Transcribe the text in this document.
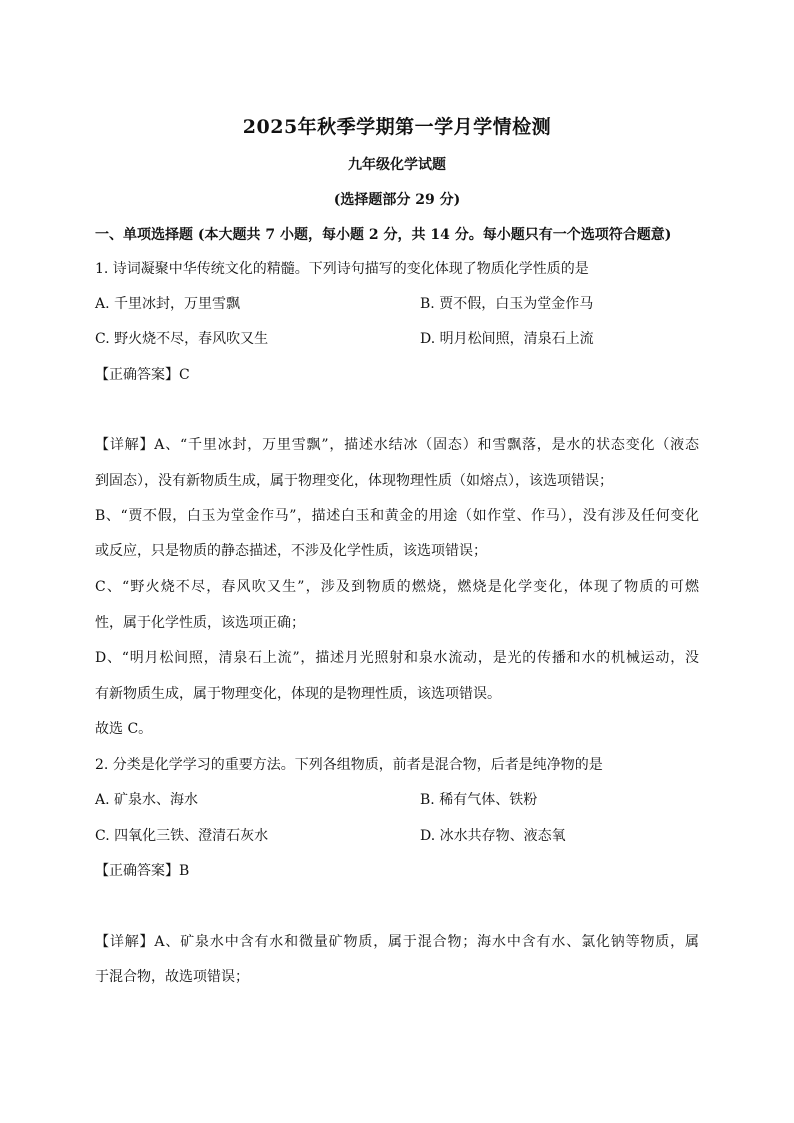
2025年秋季学期第一学月学情检测
九年级化学试题
(选择题部分 29 分)
一、单项选择题 (本大题共 7 小题，每小题 2 分，共 14 分。每小题只有一个选项符合题意)
1. 诗词凝聚中华传统文化的精髓。下列诗句描写的变化体现了物质化学性质的是
A. 千里冰封，万里雪飘	B. 贾不假，白玉为堂金作马
C. 野火烧不尽，春风吹又生	D. 明月松间照，清泉石上流
【正确答案】C
【详解】A、“千里冰封，万里雪飘”，描述水结冰（固态）和雪飘落，是水的状态变化（液态
到固态），没有新物质生成，属于物理变化，体现物理性质（如熔点），该选项错误；
B、“贾不假，白玉为堂金作马”，描述白玉和黄金的用途（如作堂、作马），没有涉及任何变化
或反应，只是物质的静态描述，不涉及化学性质，该选项错误；
C、“野火烧不尽，春风吹又生”，涉及到物质的燃烧，燃烧是化学变化，体现了物质的可燃
性，属于化学性质，该选项正确；
D、“明月松间照，清泉石上流”，描述月光照射和泉水流动，是光的传播和水的机械运动，没
有新物质生成，属于物理变化，体现的是物理性质，该选项错误。
故选 C。
2. 分类是化学学习的重要方法。下列各组物质，前者是混合物，后者是纯净物的是
A. 矿泉水、海水	B. 稀有气体、铁粉
C. 四氧化三铁、澄清石灰水	D. 冰水共存物、液态氧
【正确答案】B
【详解】A、矿泉水中含有水和微量矿物质，属于混合物；海水中含有水、氯化钠等物质，属
于混合物，故选项错误；
